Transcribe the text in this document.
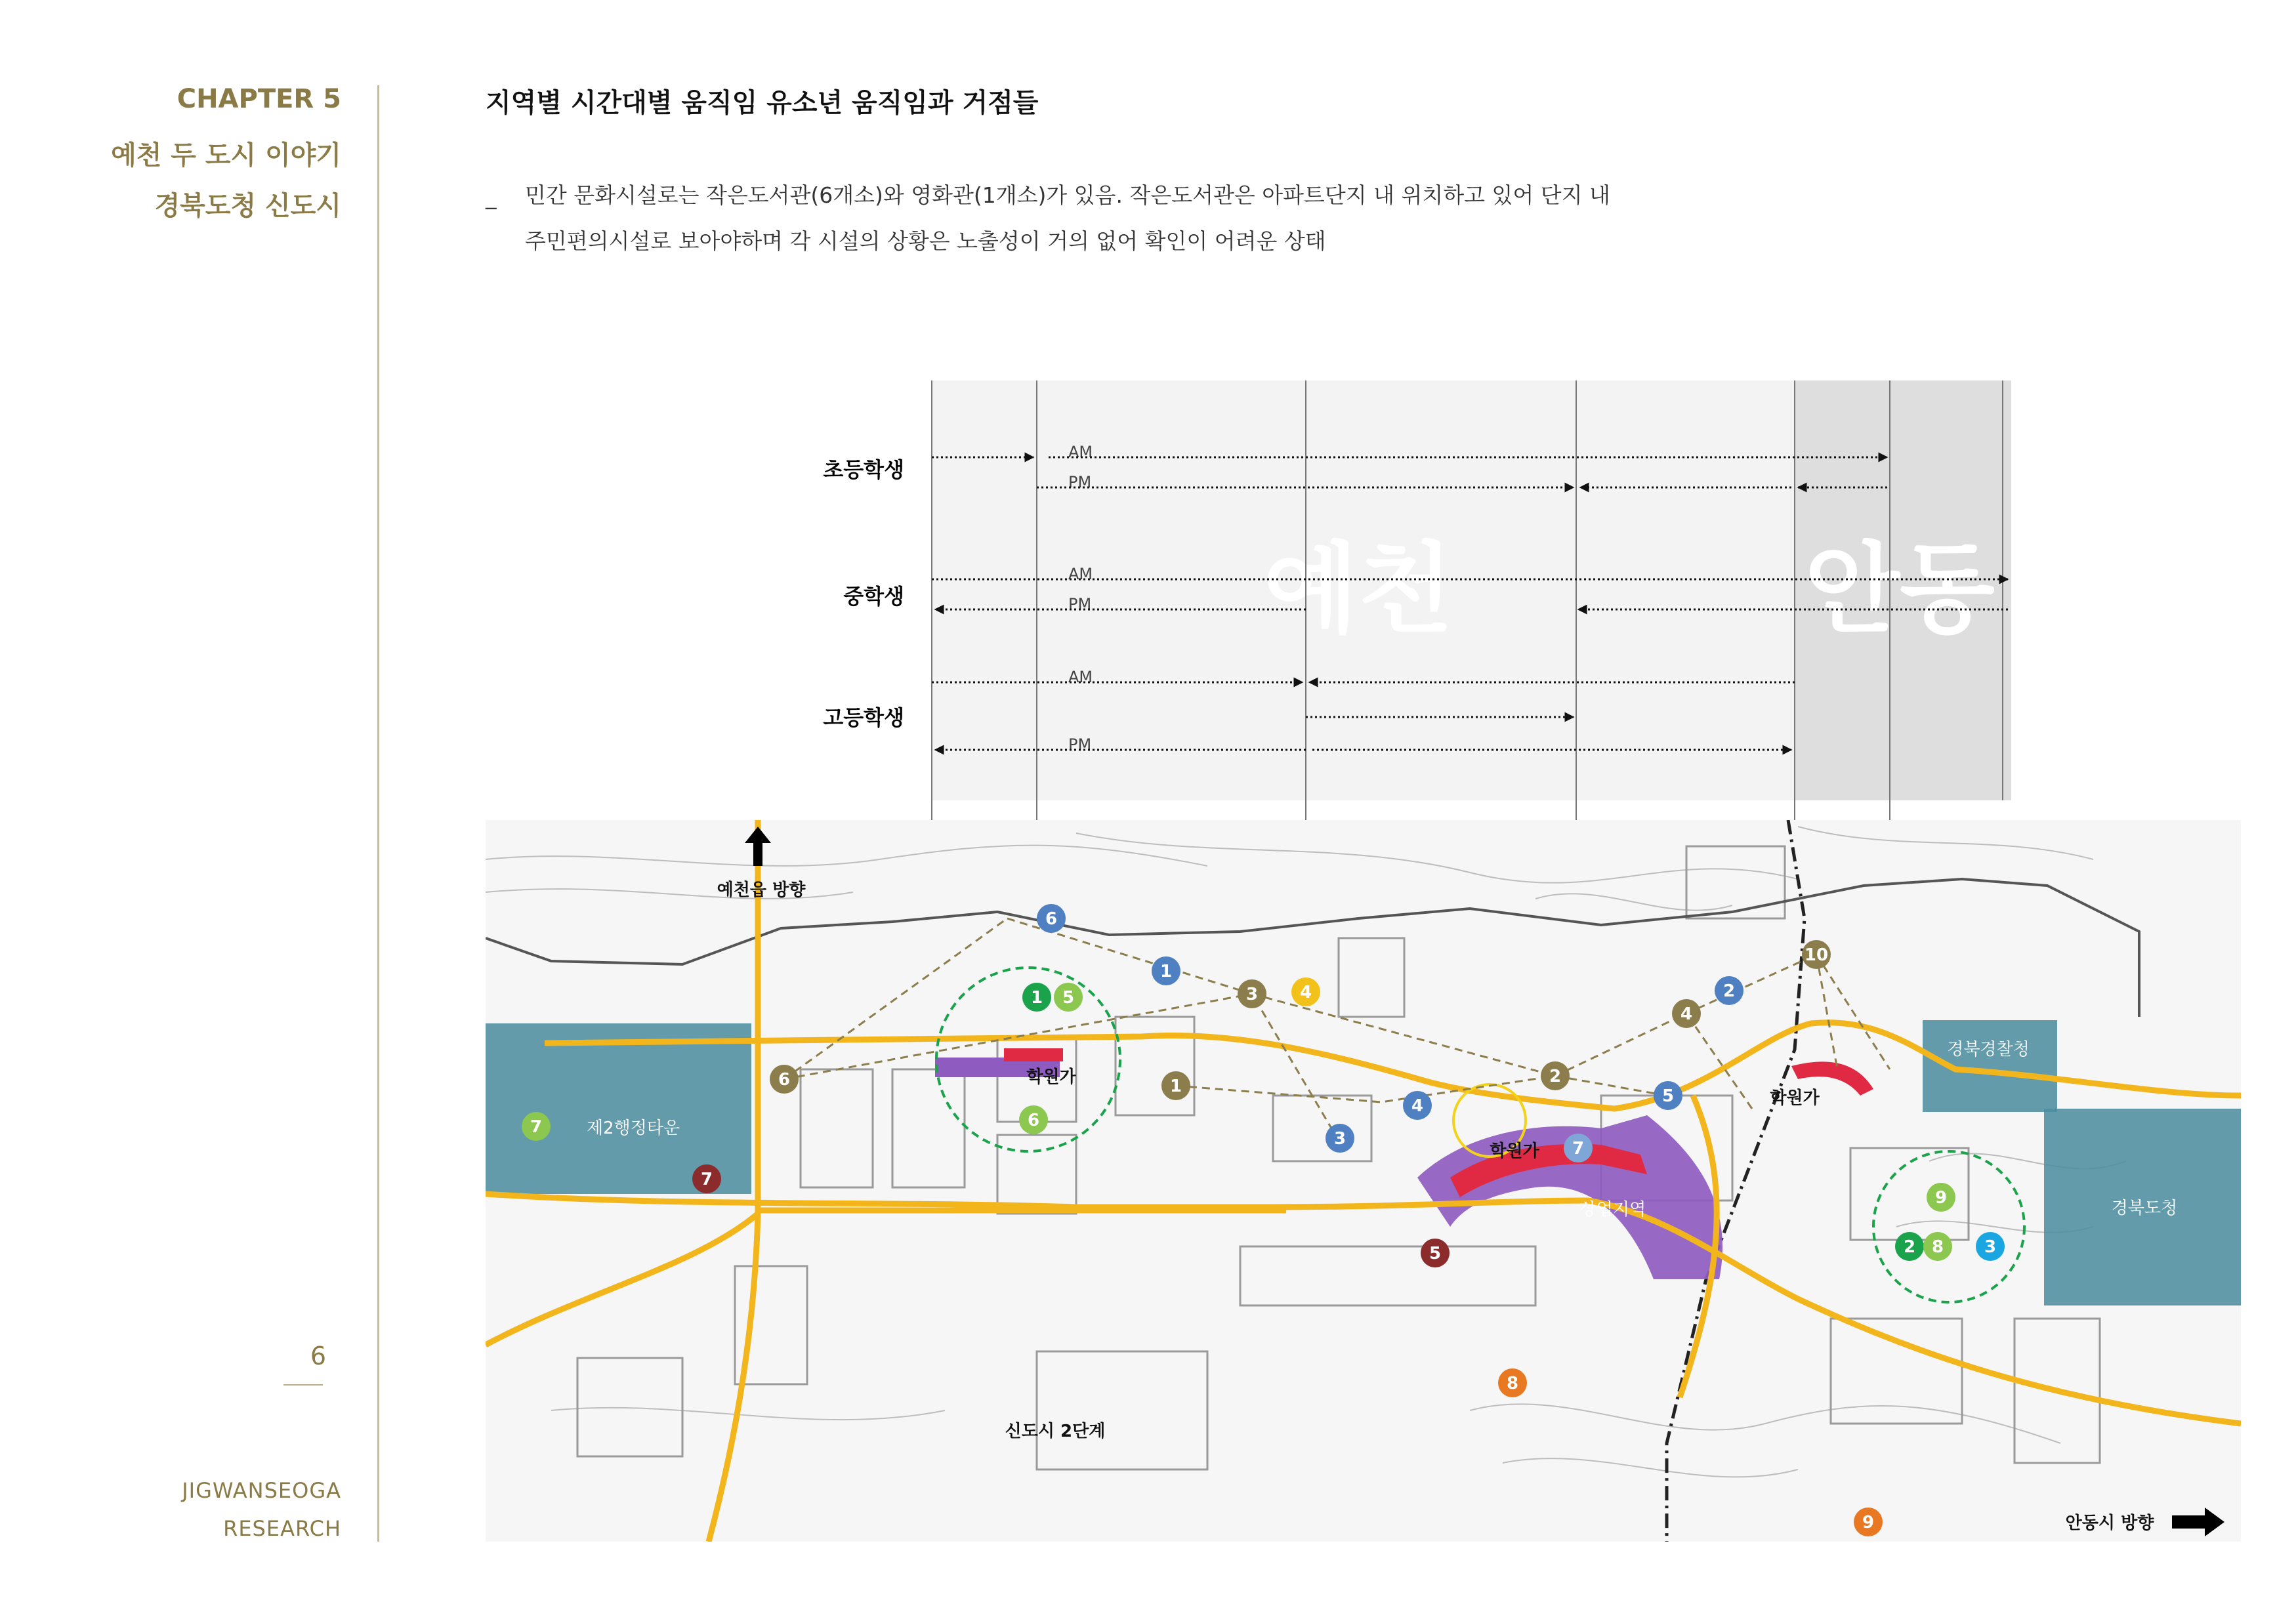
CHAPTER 5
예천 두 도시 이야기
경북도청 신도시
JIGWANSEOGA
RESEARCH
6
지역별 시간대별 움직임 유소년 움직임과 거점들
_ 민간 문화시설로는 작은도서관(6개소)와 영화관(1개소)가 있음. 작은도서관은 아파트단지 내 위치하고 있어 단지 내
주민편의시설로 보아야하며 각 시설의 상황은 노출성이 거의 없어 확인이 어려운 상태
예천	안동
초등학생
중학생
고등학생
AM
PM
AM
PM
AM
PM
예천읍 방향
안동시 방향
제2행정타운
학원가
학원가
학원가
상업지역
경북경찰청
경북도청
신도시 2단계
6
1
2
3
4	5
7
3
4
2
1
6
10
4
1 5
6
7
9
2 8 3
7
5
8
9
